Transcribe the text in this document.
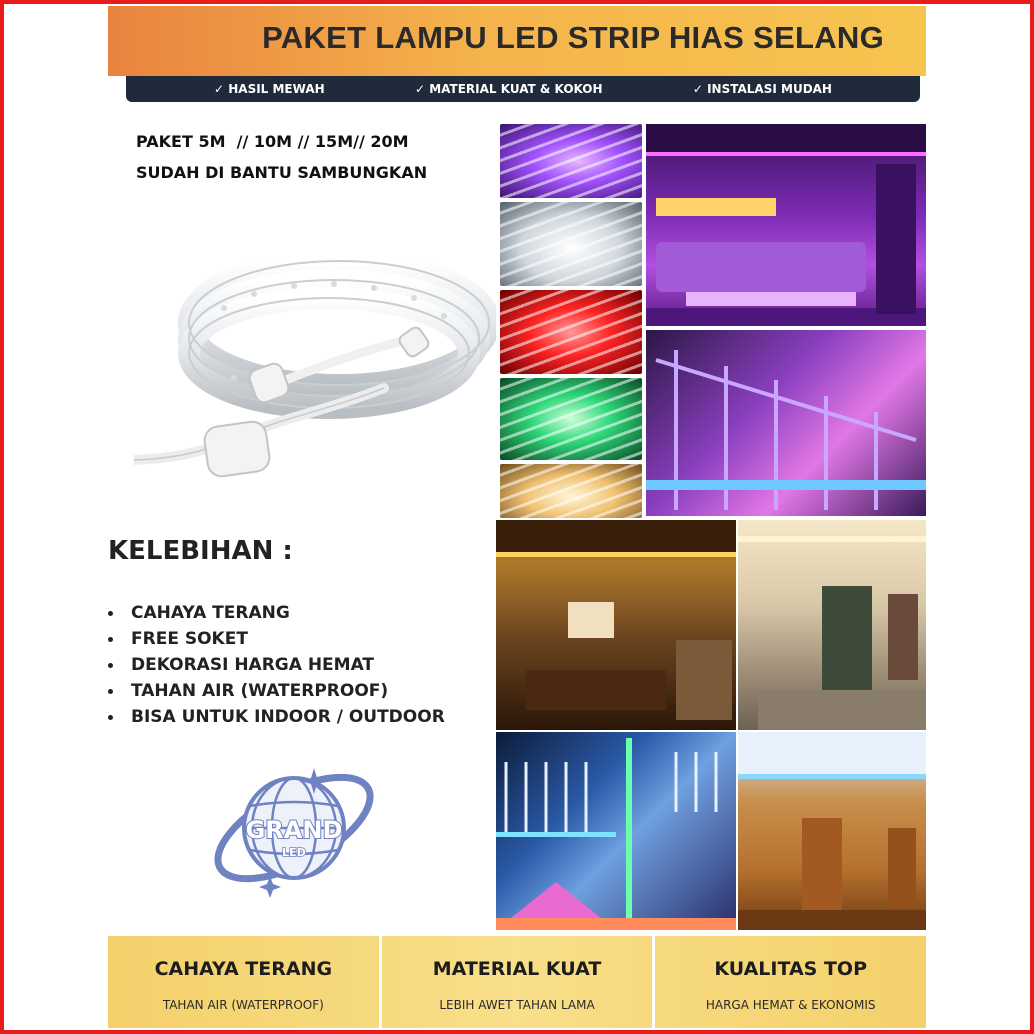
PAKET LAMPU LED STRIP HIAS SELANG
✓ HASIL MEWAH	✓ MATERIAL KUAT & KOKOH	✓ INSTALASI MUDAH
PAKET 5M  // 10M // 15M// 20M
SUDAH DI BANTU SAMBUNGKAN
KELEBIHAN :
CAHAYA TERANG
FREE SOKET
DEKORASI HARGA HEMAT
TAHAN AIR (WATERPROOF)
BISA UNTUK INDOOR / OUTDOOR
GRAND
LED
CAHAYA TERANG
TAHAN AIR (WATERPROOF)
MATERIAL KUAT
LEBIH AWET TAHAN LAMA
KUALITAS TOP
HARGA HEMAT & EKONOMIS
